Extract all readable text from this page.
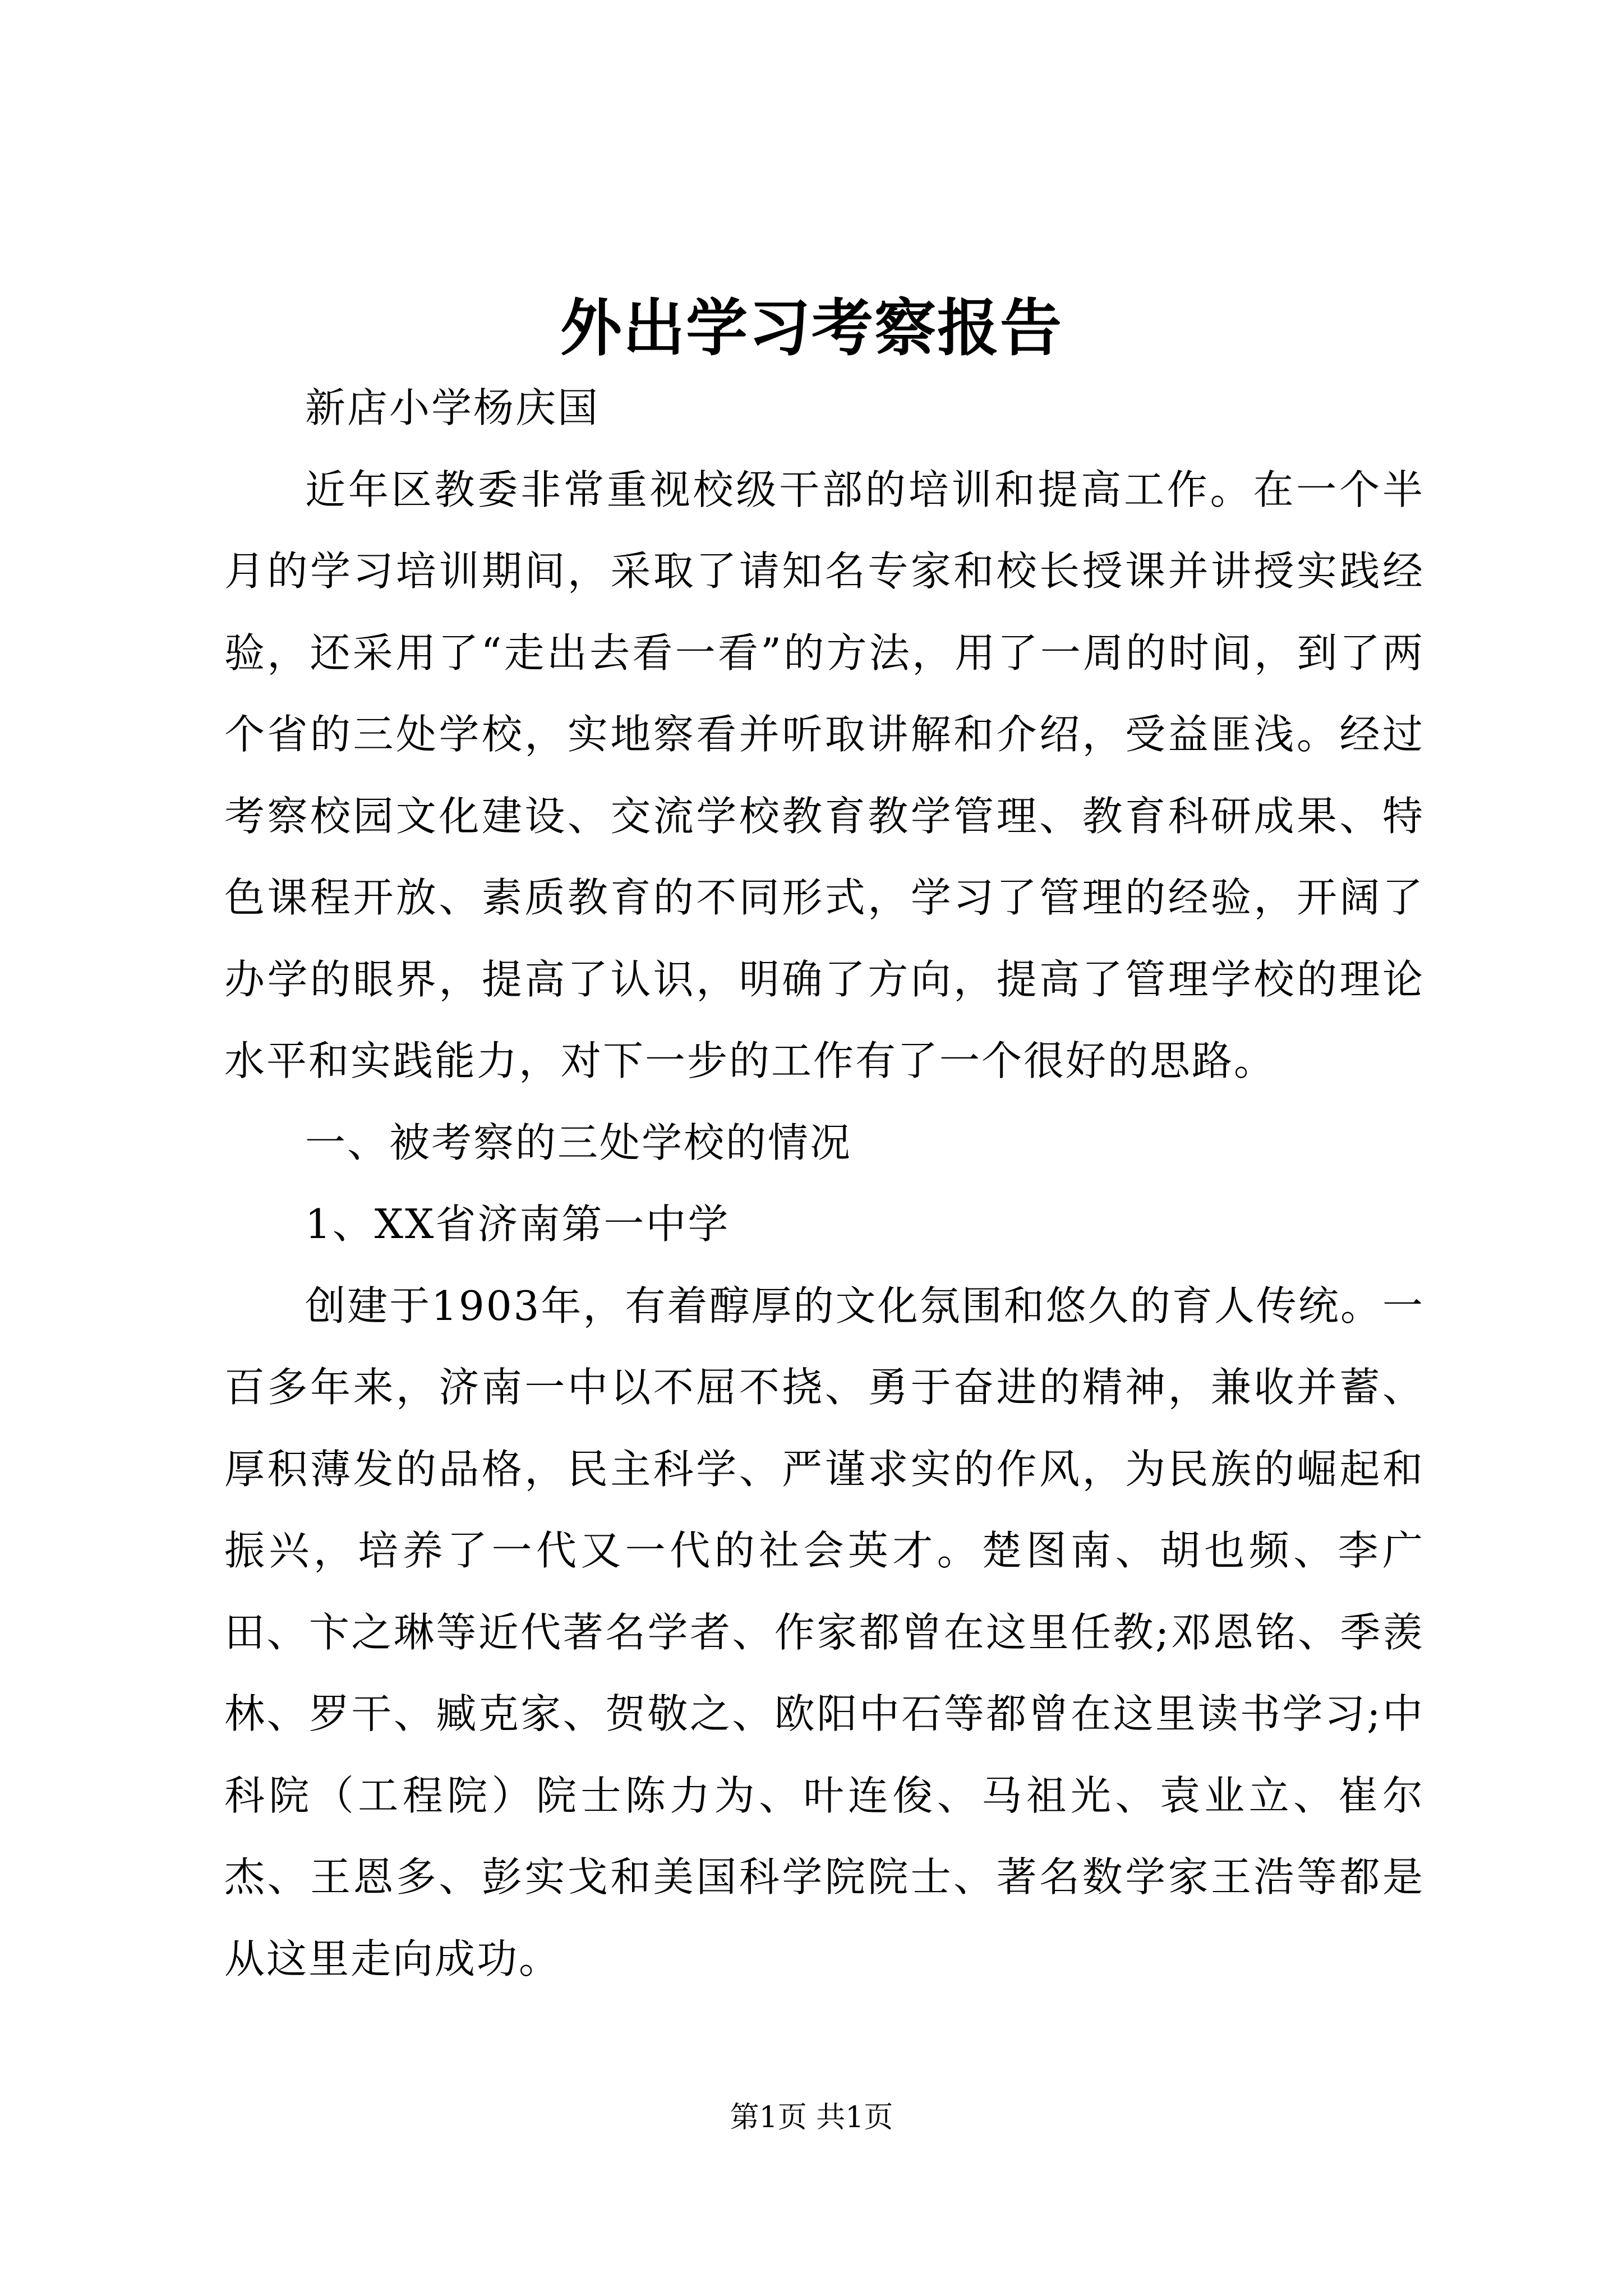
外出学习考察报告

新店小学杨庆国

近年区教委非常重视校级干部的培训和提高工作。在一个半月的学习培训期间，采取了请知名专家和校长授课并讲授实践经验，还采用了“走出去看一看”的方法，用了一周的时间，到了两个省的三处学校，实地察看并听取讲解和介绍，受益匪浅。经过考察校园文化建设、交流学校教育教学管理、教育科研成果、特色课程开放、素质教育的不同形式，学习了管理的经验，开阔了办学的眼界，提高了认识，明确了方向，提高了管理学校的理论水平和实践能力，对下一步的工作有了一个很好的思路。

一、被考察的三处学校的情况

1、XX省济南第一中学

创建于1903年，有着醇厚的文化氛围和悠久的育人传统。一百多年来，济南一中以不屈不挠、勇于奋进的精神，兼收并蓄、厚积薄发的品格，民主科学、严谨求实的作风，为民族的崛起和振兴，培养了一代又一代的社会英才。楚图南、胡也频、李广田、卞之琳等近代著名学者、作家都曾在这里任教;邓恩铭、季羡林、罗干、臧克家、贺敬之、欧阳中石等都曾在这里读书学习;中科院（工程院）院士陈力为、叶连俊、马祖光、袁业立、崔尔杰、王恩多、彭实戈和美国科学院院士、著名数学家王浩等都是从这里走向成功。

第1页 共1页
